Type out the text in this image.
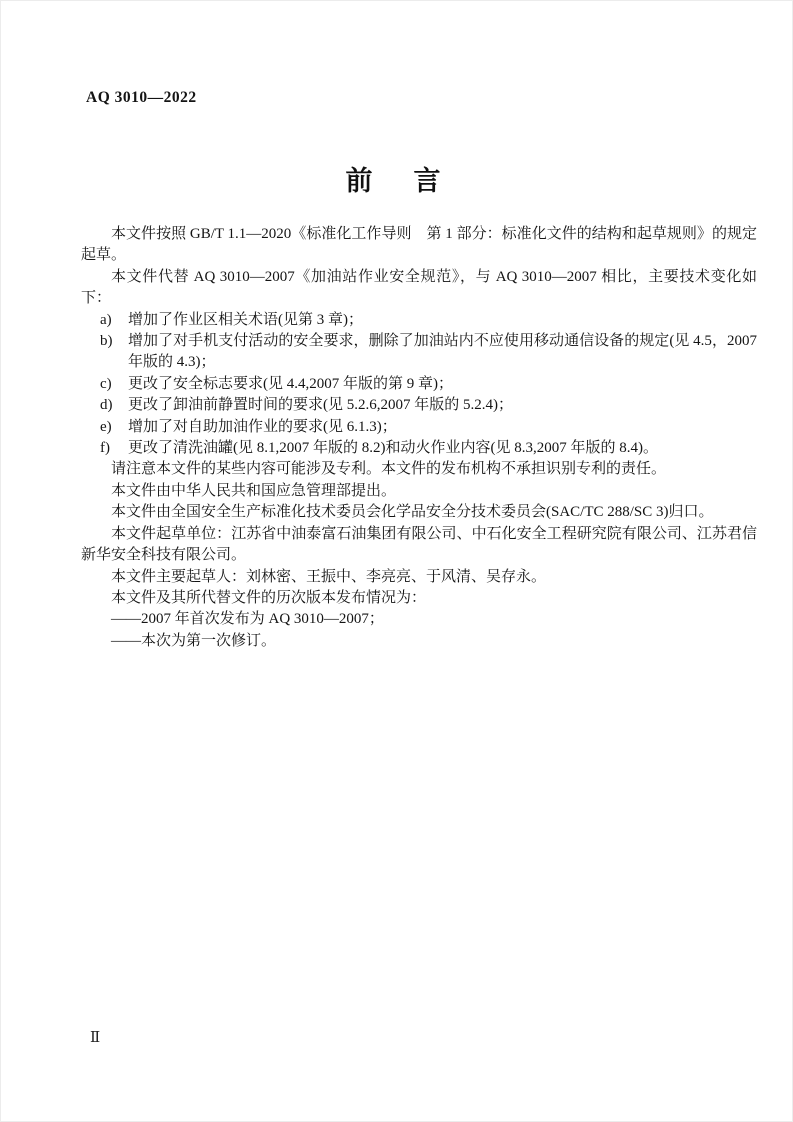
AQ 3010—2022
前　言

本文件按照 GB/T 1.1—2020《标准化工作导则　第 1 部分：标准化文件的结构和起草规则》的规定起草。

本文件代替 AQ 3010—2007《加油站作业安全规范》，与 AQ 3010—2007 相比，主要技术变化如下：

a) 增加了作业区相关术语(见第 3 章)；
b) 增加了对手机支付活动的安全要求，删除了加油站内不应使用移动通信设备的规定(见 4.5，2007 年版的 4.3)；
c) 更改了安全标志要求(见 4.4,2007 年版的第 9 章)；
d) 更改了卸油前静置时间的要求(见 5.2.6,2007 年版的 5.2.4)；
e) 增加了对自助加油作业的要求(见 6.1.3)；
f) 更改了清洗油罐(见 8.1,2007 年版的 8.2)和动火作业内容(见 8.3,2007 年版的 8.4)。

请注意本文件的某些内容可能涉及专利。本文件的发布机构不承担识别专利的责任。

本文件由中华人民共和国应急管理部提出。

本文件由全国安全生产标准化技术委员会化学品安全分技术委员会(SAC/TC 288/SC 3)归口。

本文件起草单位：江苏省中油泰富石油集团有限公司、中石化安全工程研究院有限公司、江苏君信新华安全科技有限公司。

本文件主要起草人：刘林密、王振中、李亮亮、于风清、吴存永。

本文件及其所代替文件的历次版本发布情况为：

——2007 年首次发布为 AQ 3010—2007；

——本次为第一次修订。

Ⅱ
